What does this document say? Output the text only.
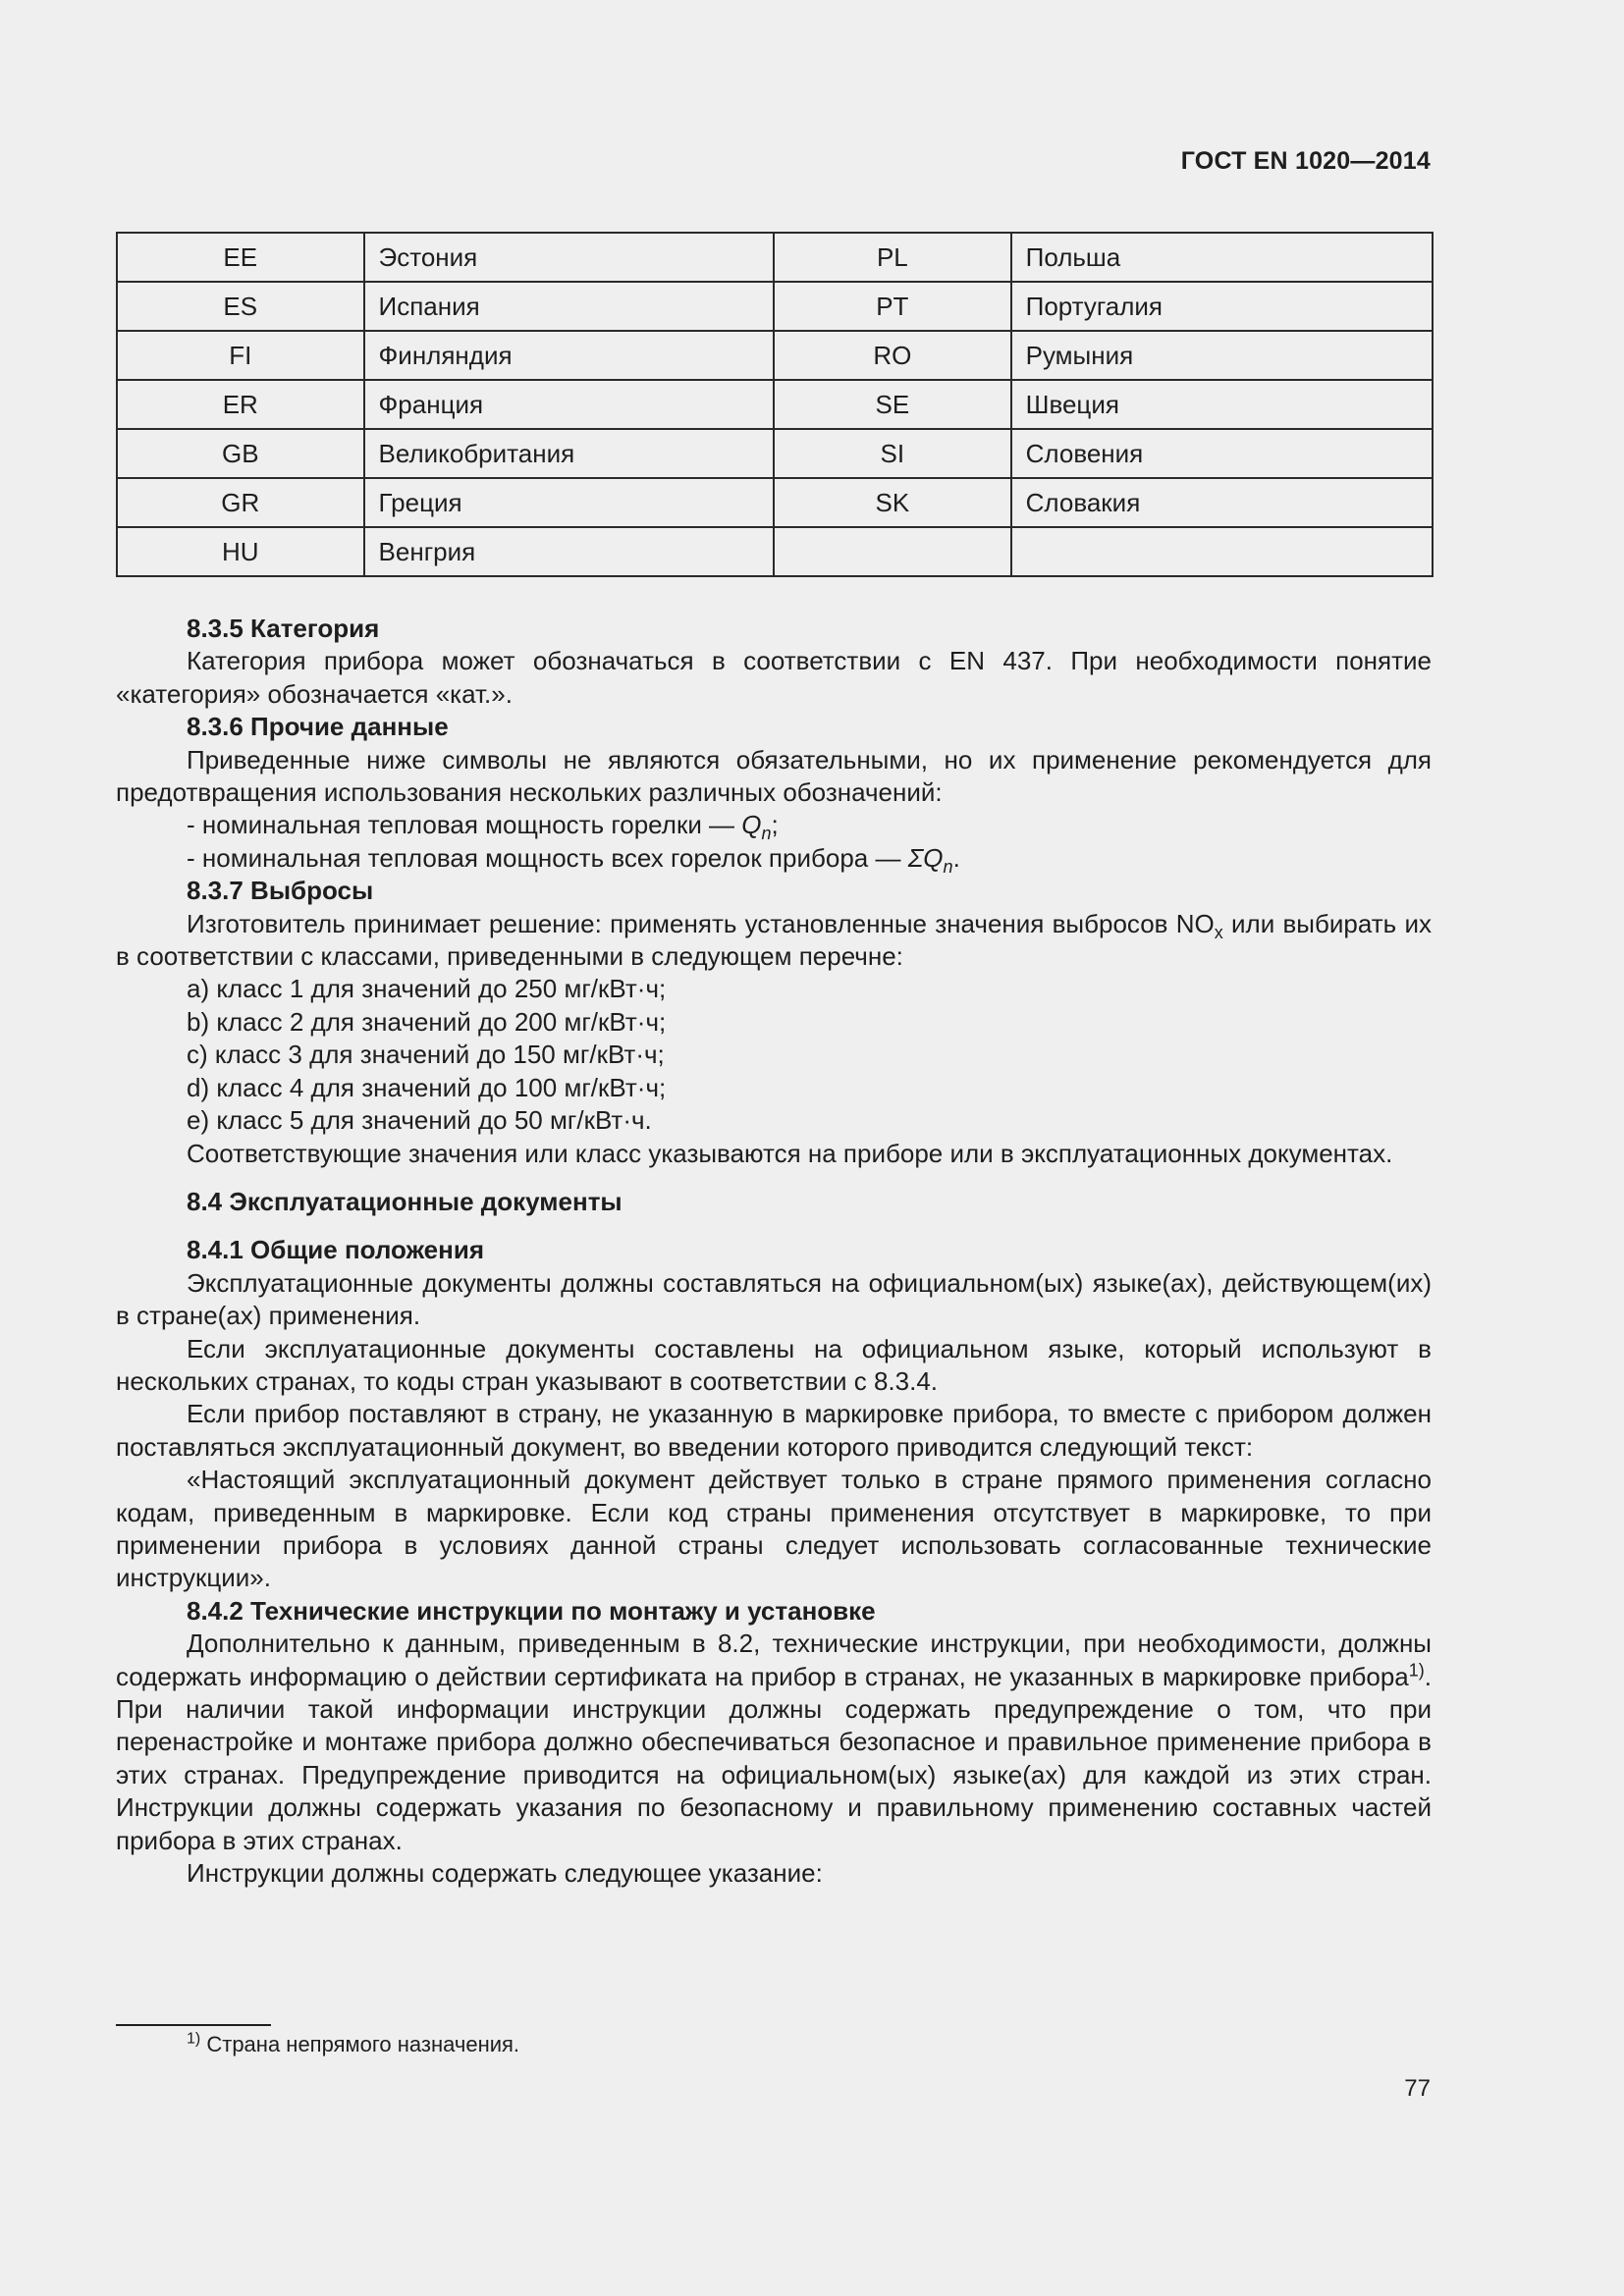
ГОСТ EN 1020—2014
EE	Эстония	PL	Польша
ES	Испания	PT	Португалия
FI	Финляндия	RO	Румыния
ER	Франция	SE	Швеция
GB	Великобритания	SI	Словения
GR	Греция	SK	Словакия
HU	Венгрия		

8.3.5 Категория

Категория прибора может обозначаться в соответствии с EN 437. При необходимости понятие «категория» обозначается «кат.».

8.3.6 Прочие данные

Приведенные ниже символы не являются обязательными, но их применение рекомендуется для предотвращения использования нескольких различных обозначений:

- номинальная тепловая мощность горелки — $Q_n$;

- номинальная тепловая мощность всех горелок прибора — $\Sigma Q_n$.

8.3.7 Выбросы

Изготовитель принимает решение: применять установленные значения выбросов $NO_x$ или выбирать их в соответствии с классами, приведенными в следующем перечне:

a) класс 1 для значений до 250 мг/кВт·ч;

b) класс 2 для значений до 200 мг/кВт·ч;

c) класс 3 для значений до 150 мг/кВт·ч;

d) класс 4 для значений до 100 мг/кВт·ч;

e) класс 5 для значений до 50 мг/кВт·ч.

Соответствующие значения или класс указываются на приборе или в эксплуатационных документах.

8.4 Эксплуатационные документы

8.4.1 Общие положения

Эксплуатационные документы должны составляться на официальном(ых) языке(ах), действующем(их) в стране(ах) применения.

Если эксплуатационные документы составлены на официальном языке, который используют в нескольких странах, то коды стран указывают в соответствии с 8.3.4.

Если прибор поставляют в страну, не указанную в маркировке прибора, то вместе с прибором должен поставляться эксплуатационный документ, во введении которого приводится следующий текст:

«Настоящий эксплуатационный документ действует только в стране прямого применения согласно кодам, приведенным в маркировке. Если код страны применения отсутствует в маркировке, то при применении прибора в условиях данной страны следует использовать согласованные технические инструкции».

8.4.2 Технические инструкции по монтажу и установке

Дополнительно к данным, приведенным в 8.2, технические инструкции, при необходимости, должны содержать информацию о действии сертификата на прибор в странах, не указанных в маркировке прибора$^{1)}$. При наличии такой информации инструкции должны содержать предупреждение о том, что при перенастройке и монтаже прибора должно обеспечиваться безопасное и правильное применение прибора в этих странах. Предупреждение приводится на официальном(ых) языке(ах) для каждой из этих стран. Инструкции должны содержать указания по безопасному и правильному применению составных частей прибора в этих странах.

Инструкции должны содержать следующее указание:

$^{1)}$ Страна непрямого назначения.
77
